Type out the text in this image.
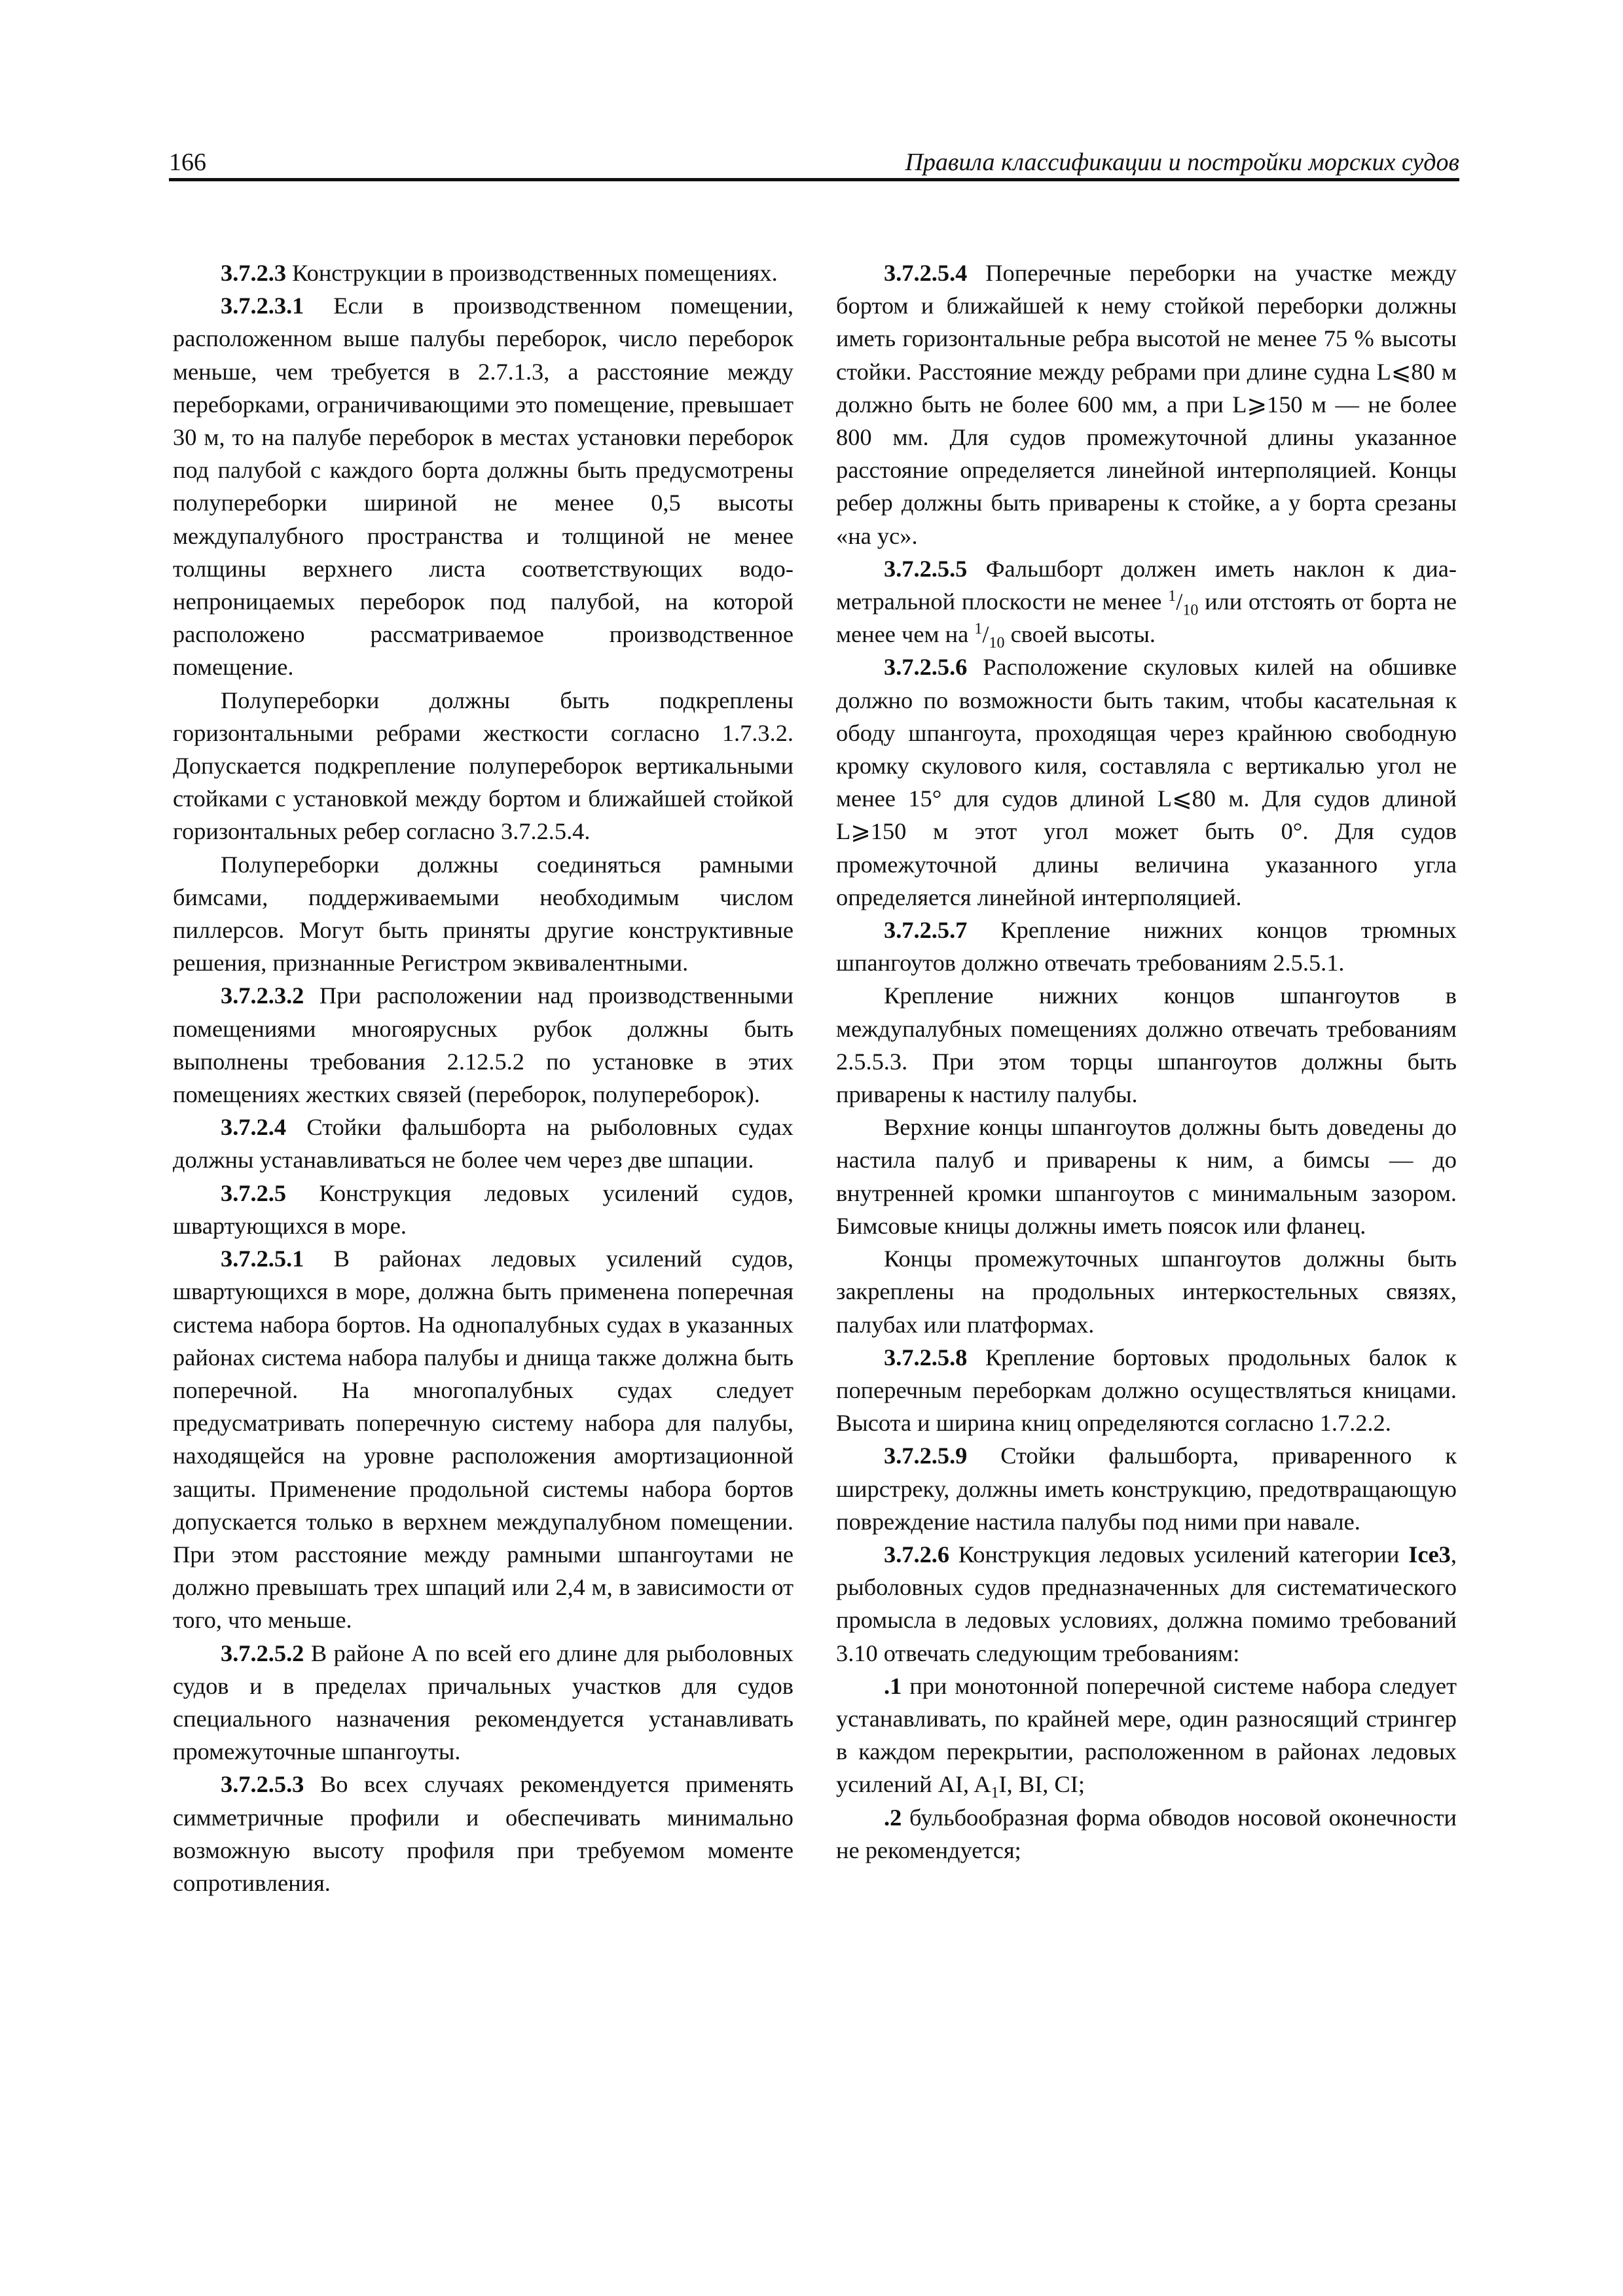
166	Правила классификации и постройки морских судов

3.7.2.3 Конструкции в производственных помещениях.

3.7.2.3.1 Если в производственном помещении, расположенном выше палубы переборок, число переборок меньше, чем требуется в 2.7.1.3, а расстояние между переборками, ограничивающими это помещение, превышает 30 м, то на палубе переборок в местах установки переборок под палубой с каждого борта должны быть предусмотрены полупереборки шириной не менее 0,5 высоты междупалубного пространства и толщиной не менее толщины верхнего листа соответствующих водонепроницаемых переборок под палубой, на которой расположено рассматриваемое производственное помещение.

Полупереборки должны быть подкреплены горизонтальными ребрами жесткости согласно 1.7.3.2. Допускается подкрепление полупереборок вертикальными стойками с установкой между бортом и ближайшей стойкой горизонтальных ребер согласно 3.7.2.5.4.

Полупереборки должны соединяться рамными бимсами, поддерживаемыми необходимым числом пиллерсов. Могут быть приняты другие конструктивные решения, признанные Регистром эквивалентными.

3.7.2.3.2 При расположении над производственными помещениями многоярусных рубок должны быть выполнены требования 2.12.5.2 по установке в этих помещениях жестких связей (переборок, полупереборок).

3.7.2.4 Стойки фальшборта на рыболовных судах должны устанавливаться не более чем через две шпации.

3.7.2.5 Конструкция ледовых усилений судов, швартующихся в море.

3.7.2.5.1 В районах ледовых усилений судов, швартующихся в море, должна быть применена поперечная система набора бортов. На однопалубных судах в указанных районах система набора палубы и днища также должна быть поперечной. На многопалубных судах следует предусматривать поперечную систему набора для палубы, находящейся на уровне расположения амортизационной защиты. Применение продольной системы набора бортов допускается только в верхнем междупалубном помещении. При этом расстояние между рамными шпангоутами не должно превышать трех шпаций или 2,4 м, в зависимости от того, что меньше.

3.7.2.5.2 В районе А по всей его длине для рыболовных судов и в пределах причальных участков для судов специального назначения рекомендуется устанавливать промежуточные шпангоуты.

3.7.2.5.3 Во всех случаях рекомендуется применять симметричные профили и обеспечивать минимально возможную высоту профиля при требуемом моменте сопротивления.

3.7.2.5.4 Поперечные переборки на участке между бортом и ближайшей к нему стойкой переборки должны иметь горизонтальные ребра высотой не менее 75 % высоты стойки. Расстояние между ребрами при длине судна L⩽80 м должно быть не более 600 мм, а при L⩾150 м — не более 800 мм. Для судов промежуточной длины указанное расстояние определяется линейной интерполяцией. Концы ребер должны быть приварены к стойке, а у борта срезаны «на ус».

3.7.2.5.5 Фальшборт должен иметь наклон к диаметральной плоскости не менее $^1/_{10}$ или отстоять от борта не менее чем на $^1/_{10}$ своей высоты.

3.7.2.5.6 Расположение скуловых килей на обшивке должно по возможности быть таким, чтобы касательная к ободу шпангоута, проходящая через крайнюю свободную кромку скулового киля, составляла с вертикалью угол не менее 15° для судов длиной L⩽80 м. Для судов длиной L⩾150 м этот угол может быть 0°. Для судов промежуточной длины величина указанного угла определяется линейной интерполяцией.

3.7.2.5.7 Крепление нижних концов трюмных шпангоутов должно отвечать требованиям 2.5.5.1.

Крепление нижних концов шпангоутов в междупалубных помещениях должно отвечать требованиям 2.5.5.3. При этом торцы шпангоутов должны быть приварены к настилу палубы.

Верхние концы шпангоутов должны быть доведены до настила палуб и приварены к ним, а бимсы — до внутренней кромки шпангоутов с минимальным зазором. Бимсовые кницы должны иметь поясок или фланец.

Концы промежуточных шпангоутов должны быть закреплены на продольных интеркостельных связях, палубах или платформах.

3.7.2.5.8 Крепление бортовых продольных балок к поперечным переборкам должно осуществляться кницами. Высота и ширина книц определяются согласно 1.7.2.2.

3.7.2.5.9 Стойки фальшборта, приваренного к ширстреку, должны иметь конструкцию, предотвращающую повреждение настила палубы под ними при навале.

3.7.2.6 Конструкция ледовых усилений категории Ice3, рыболовных судов предназначенных для систематического промысла в ледовых условиях, должна помимо требований 3.10 отвечать следующим требованиям:

.1 при монотонной поперечной системе набора следует устанавливать, по крайней мере, один разносящий стрингер в каждом перекрытии, расположенном в районах ледовых усилений AI, $A_1I$, BI, CI;

.2 бульбообразная форма обводов носовой оконечности не рекомендуется;
